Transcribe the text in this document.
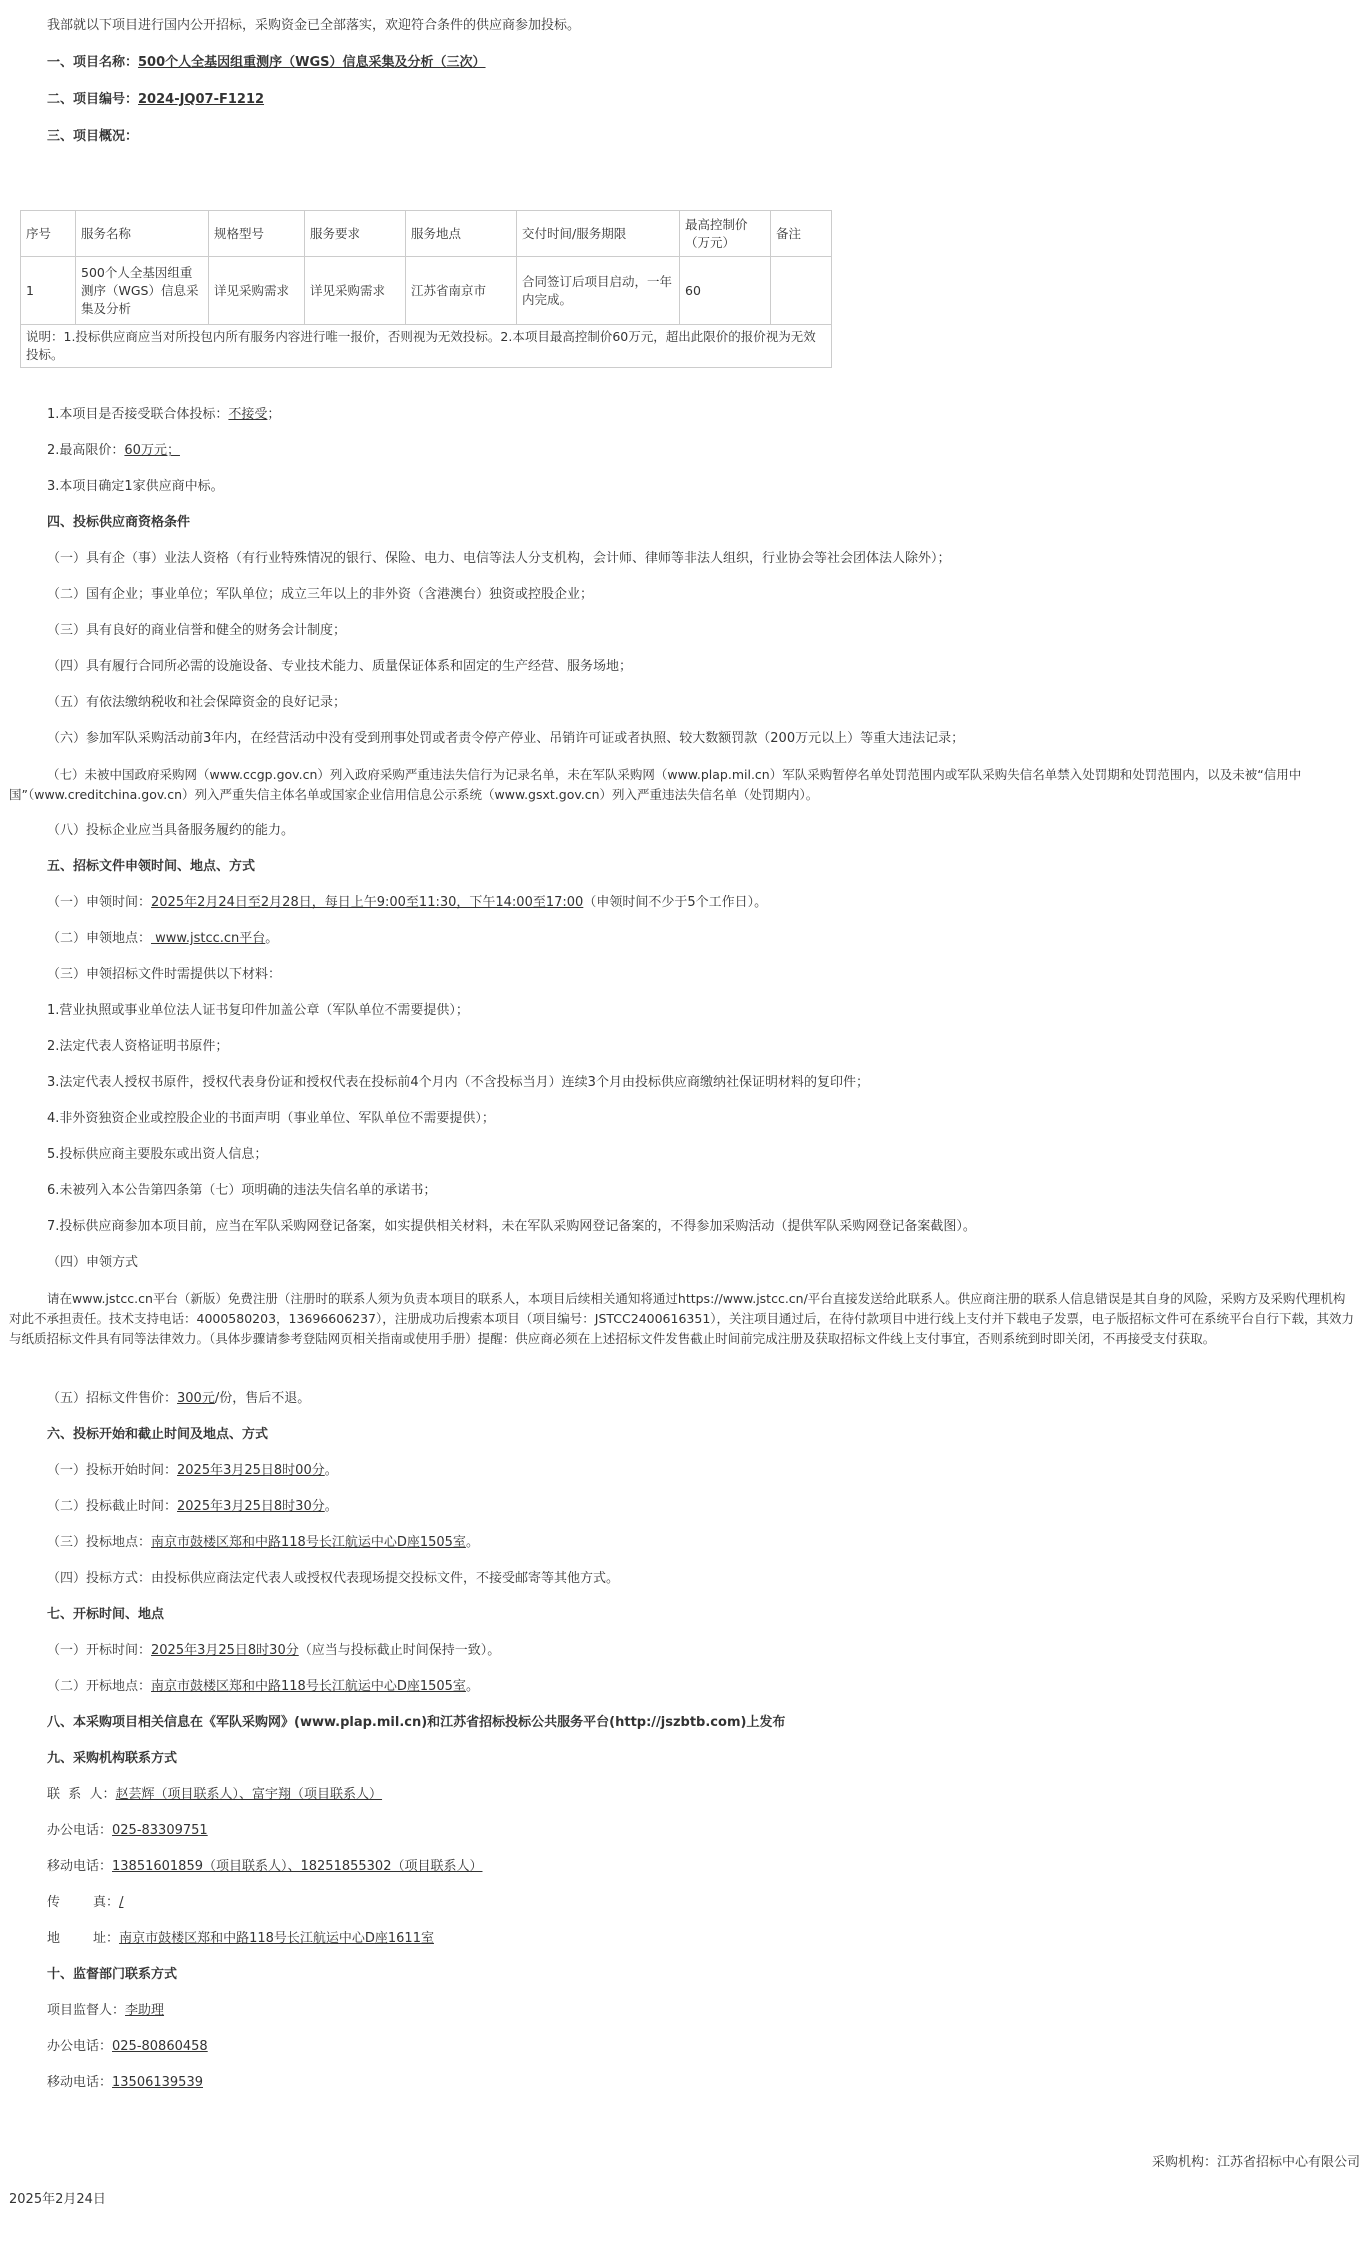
我部就以下项目进行国内公开招标，采购资金已全部落实，欢迎符合条件的供应商参加投标。
一、项目名称：500个人全基因组重测序（WGS）信息采集及分析（三次）
二、项目编号：2024-JQ07-F1212
三、项目概况：
序号	服务名称	规格型号	服务要求	服务地点	交付时间/服务期限	最高控制价（万元）	备注
1	500个人全基因组重测序（WGS）信息采集及分析	详见采购需求	详见采购需求	江苏省南京市	合同签订后项目启动，一年内完成。	60	
说明：1.投标供应商应当对所投包内所有服务内容进行唯一报价，否则视为无效投标。2.本项目最高控制价60万元，超出此限价的报价视为无效投标。							
1.本项目是否接受联合体投标：不接受；
2.最高限价：60万元；
3.本项目确定1家供应商中标。
四、投标供应商资格条件
（一）具有企（事）业法人资格（有行业特殊情况的银行、保险、电力、电信等法人分支机构，会计师、律师等非法人组织，行业协会等社会团体法人除外）；
（二）国有企业；事业单位；军队单位；成立三年以上的非外资（含港澳台）独资或控股企业；
（三）具有良好的商业信誉和健全的财务会计制度；
（四）具有履行合同所必需的设施设备、专业技术能力、质量保证体系和固定的生产经营、服务场地；
（五）有依法缴纳税收和社会保障资金的良好记录；
（六）参加军队采购活动前3年内，在经营活动中没有受到刑事处罚或者责令停产停业、吊销许可证或者执照、较大数额罚款（200万元以上）等重大违法记录；
（七）未被中国政府采购网（www.ccgp.gov.cn）列入政府采购严重违法失信行为记录名单，未在军队采购网（www.plap.mil.cn）军队采购暂停名单处罚范围内或军队采购失信名单禁入处罚期和处罚范围内，以及未被“信用中国”（www.creditchina.gov.cn）列入严重失信主体名单或国家企业信用信息公示系统（www.gsxt.gov.cn）列入严重违法失信名单（处罚期内）。
（八）投标企业应当具备服务履约的能力。
五、招标文件申领时间、地点、方式
（一）申领时间：2025年2月24日至2月28日，每日上午9:00至11:30，下午14:00至17:00（申领时间不少于5个工作日）。
（二）申领地点： www.jstcc.cn平台。
（三）申领招标文件时需提供以下材料：
1.营业执照或事业单位法人证书复印件加盖公章（军队单位不需要提供）；
2.法定代表人资格证明书原件；
3.法定代表人授权书原件，授权代表身份证和授权代表在投标前4个月内（不含投标当月）连续3个月由投标供应商缴纳社保证明材料的复印件；
4.非外资独资企业或控股企业的书面声明（事业单位、军队单位不需要提供）；
5.投标供应商主要股东或出资人信息；
6.未被列入本公告第四条第（七）项明确的违法失信名单的承诺书；
7.投标供应商参加本项目前，应当在军队采购网登记备案，如实提供相关材料，未在军队采购网登记备案的，不得参加采购活动（提供军队采购网登记备案截图）。
（四）申领方式
请在www.jstcc.cn平台（新版）免费注册（注册时的联系人须为负责本项目的联系人，本项目后续相关通知将通过https://www.jstcc.cn/平台直接发送给此联系人。供应商注册的联系人信息错误是其自身的风险，采购方及采购代理机构对此不承担责任。技术支持电话：4000580203，13696606237），注册成功后搜索本项目（项目编号：JSTCC2400616351），关注项目通过后，在待付款项目中进行线上支付并下载电子发票，电子版招标文件可在系统平台自行下载，其效力与纸质招标文件具有同等法律效力。（具体步骤请参考登陆网页相关指南或使用手册）提醒：供应商必须在上述招标文件发售截止时间前完成注册及获取招标文件线上支付事宜，否则系统到时即关闭，不再接受支付获取。
（五）招标文件售价：300元/份，售后不退。
六、投标开始和截止时间及地点、方式
（一）投标开始时间：2025年3月25日8时00分。
（二）投标截止时间：2025年3月25日8时30分。
（三）投标地点：南京市鼓楼区郑和中路118号长江航运中心D座1505室。
（四）投标方式：由投标供应商法定代表人或授权代表现场提交投标文件，不接受邮寄等其他方式。
七、开标时间、地点
（一）开标时间：2025年3月25日8时30分（应当与投标截止时间保持一致）。
（二）开标地点：南京市鼓楼区郑和中路118号长江航运中心D座1505室。
八、本采购项目相关信息在《军队采购网》(www.plap.mil.cn)和江苏省招标投标公共服务平台(http://jszbtb.com)上发布
九、采购机构联系方式
联  系  人：赵芸辉（项目联系人）、富宇翔（项目联系人）
办公电话：025-83309751
移动电话：13851601859（项目联系人）、18251855302（项目联系人）
传        真：/
地        址：南京市鼓楼区郑和中路118号长江航运中心D座1611室
十、监督部门联系方式
项目监督人：李助理
办公电话：025-80860458
移动电话：13506139539
采购机构：江苏省招标中心有限公司
2025年2月24日
